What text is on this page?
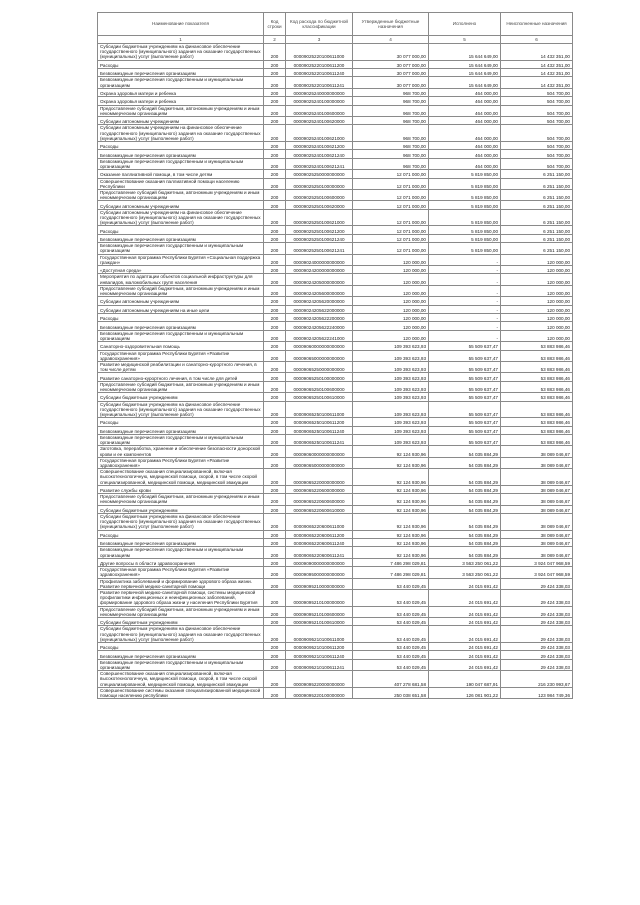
Наименование показателя	Код строки	Код расхода по бюджетной классификации	Утвержденные бюджетные назначения	Исполнено	Неисполненные назначения
1	2	3	4	5	6
Субсидии бюджетным учреждениям на финансовое обеспечение государственного (муниципального) задания на оказание государственных (муниципальных) услуг (выполнение работ)	200	00009025220100611000	30 077 000,00	15 644 649,00	14 432 351,00
Расходы	200	00009025220100611200	30 077 000,00	15 644 649,00	14 432 351,00
Безвозмездные перечисления организациям	200	00009025220100611240	30 077 000,00	15 644 649,00	14 432 351,00
Безвозмездные перечисления государственным и муниципальным организациям	200	00009025220100611241	30 077 000,00	15 644 649,00	14 432 351,00
Охрана здоровья матери и ребенка	200	00009025240000000000	968 700,00	464 000,00	504 700,00
Охрана здоровья матери и ребенка	200	00009025240100000000	968 700,00	464 000,00	504 700,00
Предоставление субсидий бюджетным, автономным учреждениям и иным некоммерческим организациям	200	00009025240100600000	968 700,00	464 000,00	504 700,00
Субсидии автономным учреждениям	200	00009025240100620000	968 700,00	464 000,00	504 700,00
Субсидии автономным учреждениям на финансовое обеспечение государственного (муниципального) задания на оказание государственных (муниципальных) услуг (выполнение работ)	200	00009025240100621000	968 700,00	464 000,00	504 700,00
Расходы	200	00009025240100621200	968 700,00	464 000,00	504 700,00
Безвозмездные перечисления организациям	200	00009025240100621240	968 700,00	464 000,00	504 700,00
Безвозмездные перечисления государственным и муниципальным организациям	200	00009025240100621241	968 700,00	464 000,00	504 700,00
Оказание паллиативной помощи, в том числе детям	200	00009025250000000000	12 071 000,00	5 819 850,00	6 251 150,00
Совершенствование оказания паллиативной помощи населению Республики	200	00009025250100000000	12 071 000,00	5 819 850,00	6 251 150,00
Предоставление субсидий бюджетным, автономным учреждениям и иным некоммерческим организациям	200	00009025250100600000	12 071 000,00	5 819 850,00	6 251 150,00
Субсидии автономным учреждениям	200	00009025250100620000	12 071 000,00	5 819 850,00	6 251 150,00
Субсидии автономным учреждениям на финансовое обеспечение государственного (муниципального) задания на оказание государственных (муниципальных) услуг (выполнение работ)	200	00009025250100621000	12 071 000,00	5 819 850,00	6 251 150,00
Расходы	200	00009025250100621200	12 071 000,00	5 819 850,00	6 251 150,00
Безвозмездные перечисления организациям	200	00009025250100621240	12 071 000,00	5 819 850,00	6 251 150,00
Безвозмездные перечисления государственным и муниципальным организациям	200	00009025250100621241	12 071 000,00	5 819 850,00	6 251 150,00
Государственная программа Республики Бурятия «Социальная поддержка граждан»	200	00009024000000000000	120 000,00	-	120 000,00
«Доступная среда»	200	00009024200000000000	120 000,00	-	120 000,00
Мероприятия по адаптации объектов социальной инфраструктуры для инвалидов, маломобильных групп населения	200	00009024205000000000	120 000,00	-	120 000,00
Предоставление субсидий бюджетным, автономным учреждениям и иным некоммерческим организациям	200	00009024205600000000	120 000,00	-	120 000,00
Субсидии автономным учреждениям	200	00009024205620000000	120 000,00	-	120 000,00
Субсидии автономным учреждениям на иные цели	200	00009024205622000000	120 000,00	-	120 000,00
Расходы	200	00009024205622200000	120 000,00	-	120 000,00
Безвозмездные перечисления организациям	200	00009024205622240000	120 000,00	-	120 000,00
Безвозмездные перечисления государственным и муниципальным организациям	200	00009024205622241000	120 000,00	-	120 000,00
Санаторно-оздоровительная помощь	200	00009060000000000000	109 393 623,93	55 509 637,47	53 883 986,46
Государственная программа Республики Бурятия «Развитие здравоохранения»	200	00009065000000000000	109 393 623,93	55 509 637,47	53 883 986,46
Развитие медицинской реабилитации и санаторно-курортного лечения, в том числе детям	200	00009065250000000000	109 393 623,93	55 509 637,47	53 883 986,46
Развитие санаторно-курортного лечения, в том числе для детей	200	00009065250100000000	109 393 623,93	55 509 637,47	53 883 986,46
Предоставление субсидий бюджетным, автономным учреждениям и иным некоммерческим организациям	200	00009065250100600000	109 393 623,93	55 509 637,47	53 883 986,46
Субсидии бюджетным учреждениям	200	00009065250100610000	109 393 623,93	55 509 637,47	53 883 986,46
Субсидии бюджетным учреждениям на финансовое обеспечение государственного (муниципального) задания на оказание государственных (муниципальных) услуг (выполнение работ)	200	00009065250100611000	109 393 623,93	55 509 637,47	53 883 986,46
Расходы	200	00009065250100611200	109 393 623,93	55 509 637,47	53 883 986,46
Безвозмездные перечисления организациям	200	00009065250100611240	109 393 623,93	55 509 637,47	53 883 986,46
Безвозмездные перечисления государственным и муниципальным организациям	200	00009065250100611241	109 393 623,93	55 509 637,47	53 883 986,46
Заготовка, переработка, хранение и обеспечение безопасности донорской крови и ее компонентов	200	00009060000000000000	92 124 930,96	54 035 884,29	38 089 046,67
Государственная программа Республики Бурятия «Развитие здравоохранения»	200	00009065000000000000	92 124 930,96	54 035 884,29	38 089 046,67
Совершенствование оказания специализированной, включая высокотехнологичную, медицинской помощи, скорой, в том числе скорой специализированной, медицинской помощи, медицинской эвакуации	200	00009065220000000000	92 124 930,96	54 035 884,29	38 089 046,67
Развитие службы крови	200	00009065220600000000	92 124 930,96	54 035 884,29	38 089 046,67
Предоставление субсидий бюджетным, автономным учреждениям и иным некоммерческим организациям	200	00009065220600600000	92 124 930,96	54 035 884,29	38 089 046,67
Субсидии бюджетным учреждениям	200	00009065220600610000	92 124 930,96	54 035 884,29	38 089 046,67
Субсидии бюджетным учреждениям на финансовое обеспечение государственного (муниципального) задания на оказание государственных (муниципальных) услуг (выполнение работ)	200	00009065220600611000	92 124 930,96	54 035 884,29	38 089 046,67
Расходы	200	00009065220600611200	92 124 930,96	54 035 884,29	38 089 046,67
Безвозмездные перечисления организациям	200	00009065220600611240	92 124 930,96	54 035 884,29	38 089 046,67
Безвозмездные перечисления государственным и муниципальным организациям	200	00009065220600611241	92 124 930,96	54 035 884,29	38 089 046,67
Другие вопросы в области здравоохранения	200	00009090000000000000	7 486 298 029,81	3 563 250 061,22	3 924 047 968,59
Государственная программа Республики Бурятия «Развитие здравоохранения»	200	00009095000000000000	7 486 298 029,81	3 563 250 061,22	3 924 047 968,59
Профилактика заболеваний и формирование здорового образа жизни. Развитие первичной медико-санитарной помощи	200	00009095210000000000	53 440 029,45	24 015 691,42	29 424 338,03
Развитие первичной медико-санитарной помощи, системы медицинской профилактики инфекционных и неинфекционных заболеваний, формирование здорового образа жизни у населения Республики Бурятия	200	00009095210100000000	53 440 029,45	24 015 691,42	29 424 338,03
Предоставление субсидий бюджетным, автономным учреждениям и иным некоммерческим организациям	200	00009095210100600000	53 440 029,45	24 015 691,42	29 424 338,03
Субсидии бюджетным учреждениям	200	00009095210100610000	53 440 029,45	24 015 691,42	29 424 338,03
Субсидии бюджетным учреждениям на финансовое обеспечение государственного (муниципального) задания на оказание государственных (муниципальных) услуг (выполнение работ)	200	00009095210100611000	53 440 029,45	24 015 691,42	29 424 338,03
Расходы	200	00009095210100611200	53 440 029,45	24 015 691,42	29 424 338,03
Безвозмездные перечисления организациям	200	00009095210100611240	53 440 029,45	24 015 691,42	29 424 338,03
Безвозмездные перечисления государственным и муниципальным организациям	200	00009095210100611241	53 440 029,45	24 015 691,42	29 424 338,03
Совершенствование оказания специализированной, включая высокотехнологичную, медицинской помощи, скорой, в том числе скорой специализированной, медицинской помощи, медицинской эвакуации	200	00009095220000000000	407 278 681,58	190 047 687,91	216 230 993,67
Совершенствование системы оказания специализированной медицинской помощи населению республики	200	00009095220100000000	250 038 651,58	126 081 901,22	123 984 749,36
